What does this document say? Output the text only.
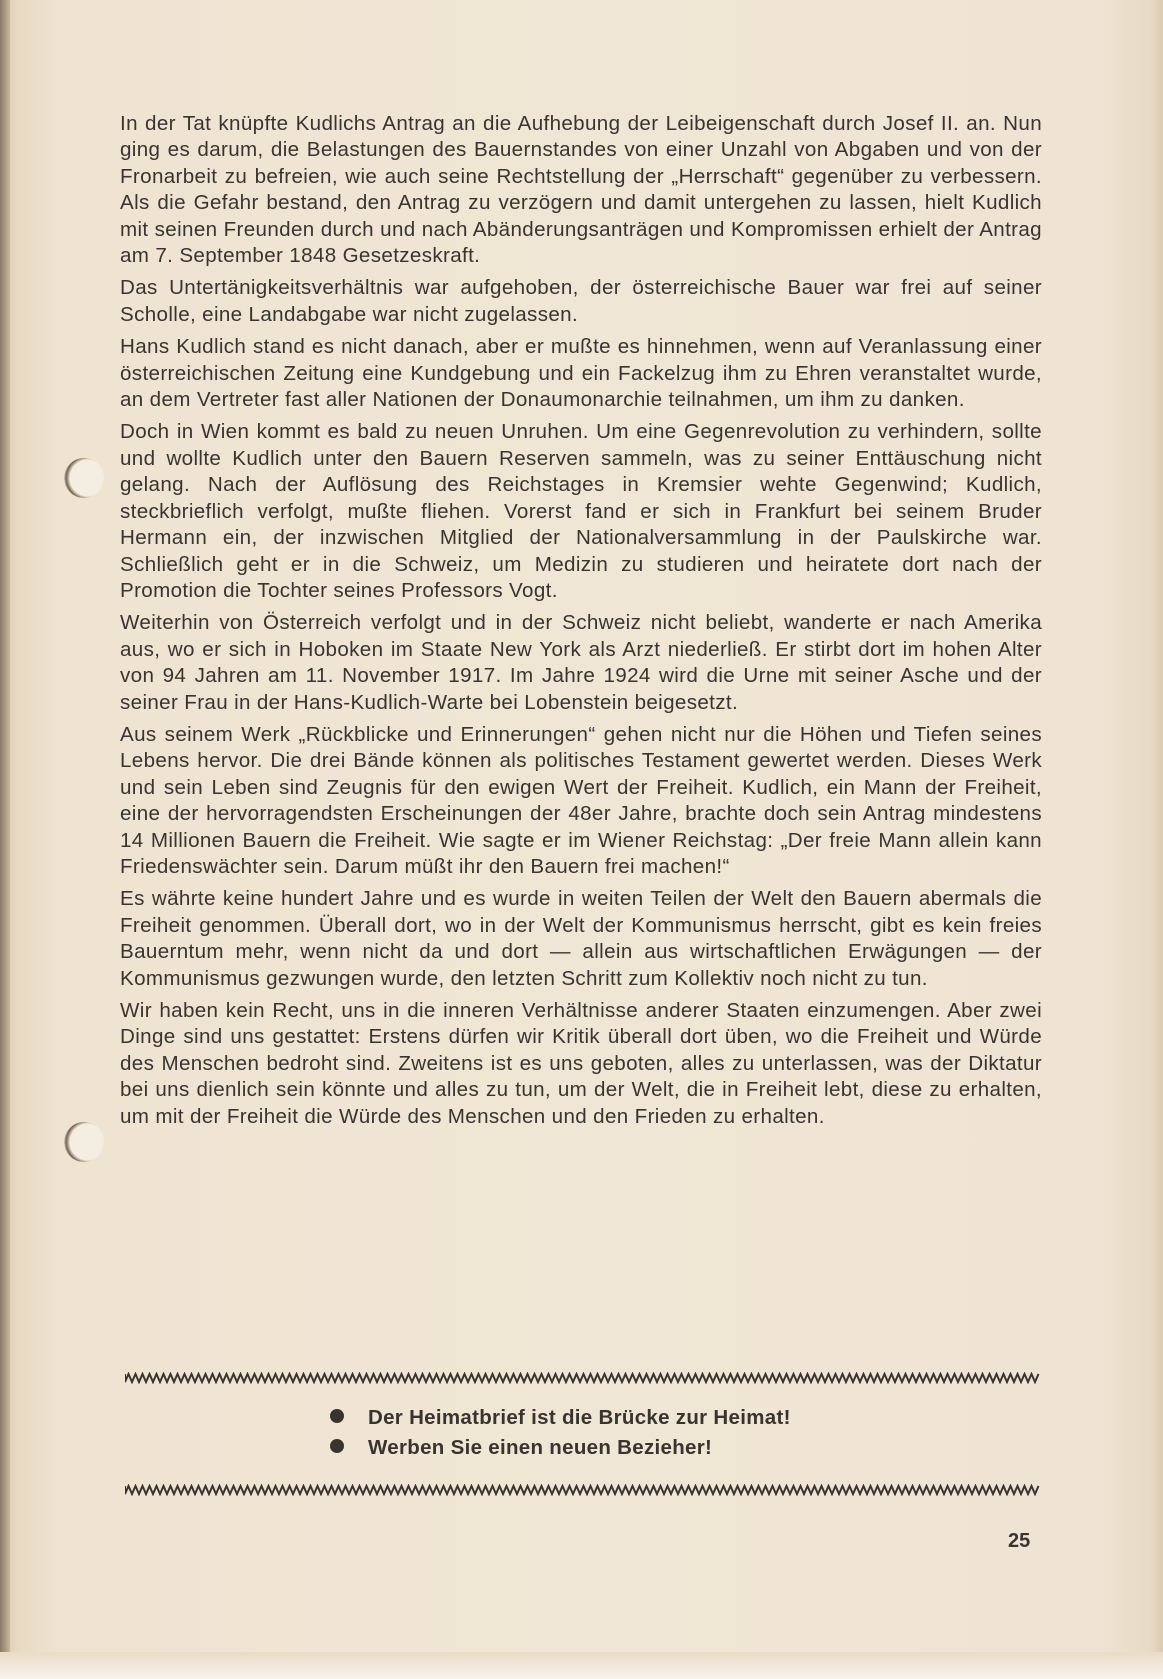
In der Tat knüpfte Kudlichs Antrag an die Aufhebung der Leibeigenschaft durch Josef II. an. Nun ging es darum, die Belastungen des Bauernstandes von einer Unzahl von Abgaben und von der Fronarbeit zu befreien, wie auch seine Rechtstellung der „Herrschaft“ gegenüber zu verbessern. Als die Gefahr bestand, den Antrag zu verzögern und damit untergehen zu lassen, hielt Kudlich mit seinen Freunden durch und nach Abänderungsanträgen und Kompromissen erhielt der Antrag am 7. September 1848 Gesetzeskraft.

Das Untertänigkeitsverhältnis war aufgehoben, der österreichische Bauer war frei auf seiner Scholle, eine Landabgabe war nicht zugelassen.

Hans Kudlich stand es nicht danach, aber er mußte es hinnehmen, wenn auf Veranlassung einer österreichischen Zeitung eine Kundgebung und ein Fackelzug ihm zu Ehren veranstaltet wurde, an dem Vertreter fast aller Nationen der Donaumonarchie teilnahmen, um ihm zu danken.

Doch in Wien kommt es bald zu neuen Unruhen. Um eine Gegenrevolution zu verhindern, sollte und wollte Kudlich unter den Bauern Reserven sammeln, was zu seiner Enttäuschung nicht gelang. Nach der Auflösung des Reichstages in Kremsier wehte Gegenwind; Kudlich, steckbrieflich verfolgt, mußte fliehen. Vorerst fand er sich in Frankfurt bei seinem Bruder Hermann ein, der inzwischen Mitglied der Nationalversammlung in der Paulskirche war. Schließlich geht er in die Schweiz, um Medizin zu studieren und heiratete dort nach der Promotion die Tochter seines Professors Vogt.

Weiterhin von Österreich verfolgt und in der Schweiz nicht beliebt, wanderte er nach Amerika aus, wo er sich in Hoboken im Staate New York als Arzt niederließ. Er stirbt dort im hohen Alter von 94 Jahren am 11. November 1917. Im Jahre 1924 wird die Urne mit seiner Asche und der seiner Frau in der Hans-Kudlich-Warte bei Lobenstein beigesetzt.

Aus seinem Werk „Rückblicke und Erinnerungen“ gehen nicht nur die Höhen und Tiefen seines Lebens hervor. Die drei Bände können als politisches Testament gewertet werden. Dieses Werk und sein Leben sind Zeugnis für den ewigen Wert der Freiheit. Kudlich, ein Mann der Freiheit, eine der hervorragendsten Erscheinungen der 48er Jahre, brachte doch sein Antrag mindestens 14 Millionen Bauern die Freiheit. Wie sagte er im Wiener Reichstag: „Der freie Mann allein kann Friedenswächter sein. Darum müßt ihr den Bauern frei machen!“

Es währte keine hundert Jahre und es wurde in weiten Teilen der Welt den Bauern abermals die Freiheit genommen. Überall dort, wo in der Welt der Kommunismus herrscht, gibt es kein freies Bauerntum mehr, wenn nicht da und dort — allein aus wirtschaftlichen Erwägungen — der Kommunismus gezwungen wurde, den letzten Schritt zum Kollektiv noch nicht zu tun.

Wir haben kein Recht, uns in die inneren Verhältnisse anderer Staaten einzumengen. Aber zwei Dinge sind uns gestattet: Erstens dürfen wir Kritik überall dort üben, wo die Freiheit und Würde des Menschen bedroht sind. Zweitens ist es uns geboten, alles zu unterlassen, was der Diktatur bei uns dienlich sein könnte und alles zu tun, um der Welt, die in Freiheit lebt, diese zu erhalten, um mit der Freiheit die Würde des Menschen und den Frieden zu erhalten.

Der Heimatbrief ist die Brücke zur Heimat!
Werben Sie einen neuen Bezieher!
25
